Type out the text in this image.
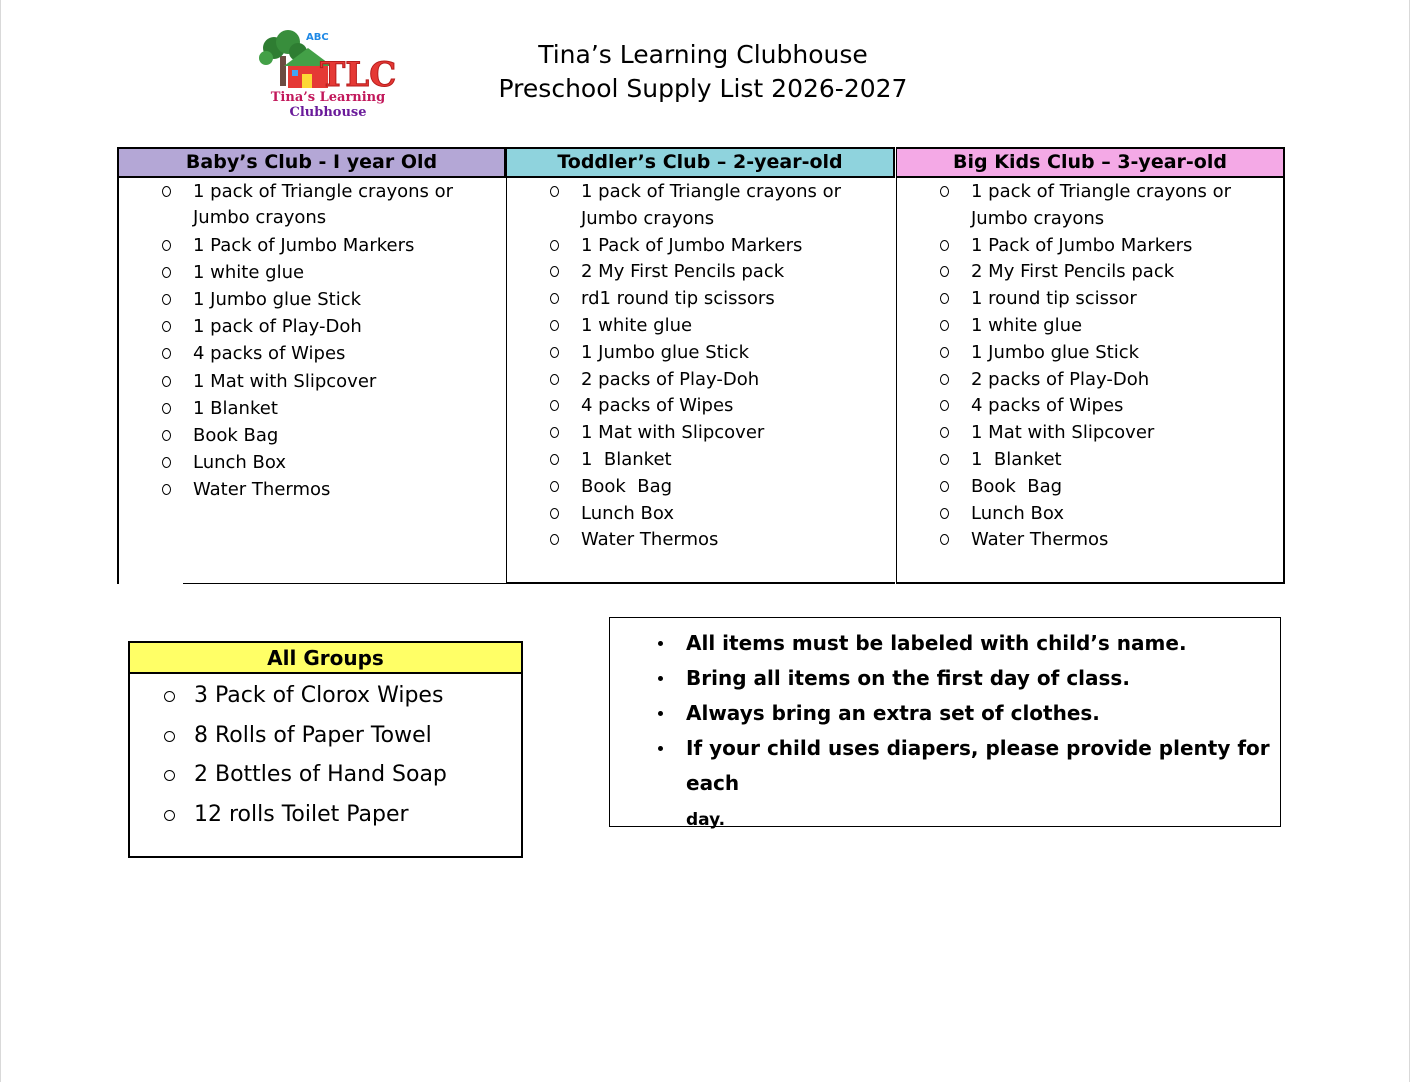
TLC
ABC
Tina’s Learning
Clubhouse
Tina’s Learning Clubhouse
Preschool Supply List 2026-2027
Baby’s Club - I year Old
1 pack of Triangle crayons or Jumbo crayons
1 Pack of Jumbo Markers
1 white glue
1 Jumbo glue Stick
1 pack of Play-Doh
4 packs of Wipes
1 Mat with Slipcover
1 Blanket
Book Bag
Lunch Box
Water Thermos
Toddler’s Club – 2-year-old
1 pack of Triangle crayons or Jumbo crayons
1 Pack of Jumbo Markers
2 My First Pencils pack
rd1 round tip scissors
1 white glue
1 Jumbo glue Stick
2 packs of Play-Doh
4 packs of Wipes
1 Mat with Slipcover
1  Blanket
Book  Bag
Lunch Box
Water Thermos
Big Kids Club – 3-year-old
1 pack of Triangle crayons or Jumbo crayons
1 Pack of Jumbo Markers
2 My First Pencils pack
1 round tip scissor
1 white glue
1 Jumbo glue Stick
2 packs of Play-Doh
4 packs of Wipes
1 Mat with Slipcover
1  Blanket
Book  Bag
Lunch Box
Water Thermos
All Groups
3 Pack of Clorox Wipes
8 Rolls of Paper Towel
2 Bottles of Hand Soap
12 rolls Toilet Paper
All items must be labeled with child’s name.
Bring all items on the first day of class.
Always bring an extra set of clothes.
If your child uses diapers, please provide plenty for each
day.
